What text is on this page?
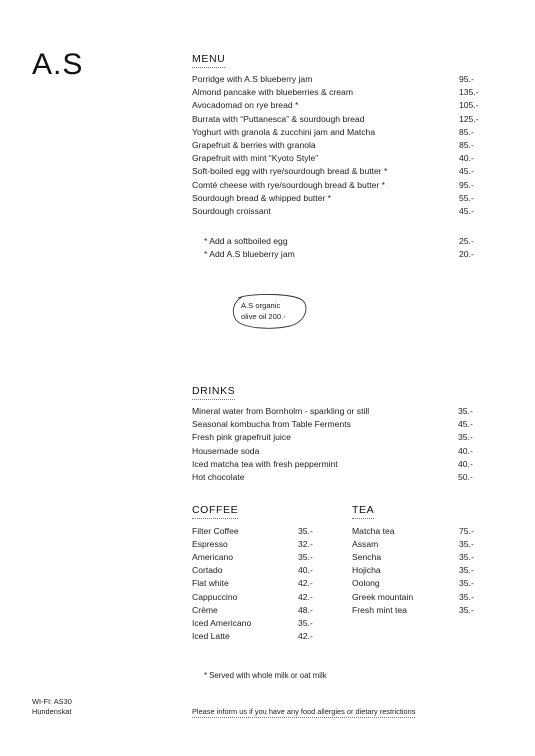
A.S	MENU
Porridge with A.S blueberry jam	95.-
Almond pancake with blueberries & cream	135.-
Avocadomad on rye bread *	105.-
Burrata with “Puttanesca” & sourdough bread	125.-
Yoghurt with granola & zucchini jam and Matcha	85.-
Grapefruit & berries with granola	85.-
Grapefruit with mint “Kyoto Style”	40.-
Soft-boiled egg with rye/sourdough bread & butter *	45.-
Comté cheese with rye/sourdough bread & butter *	95.-
Sourdough bread & whipped butter *	55.-
Sourdough croissant	45.-
* Add a softboiled egg	25.-
* Add A.S blueberry jam	20.-
A.S organic
olive oil 200.-
DRINKS
Mineral water from Bornholm - sparkling or still	35.-
Seasonal kombucha from Table Ferments	45.-
Fresh pink grapefruit juice	35.-
Housemade soda	40.-
Iced matcha tea with fresh peppermint	40.-
Hot chocolate	50.-
COFFEE
Filter Coffee	35.-
Espresso	32.-
Americano	35.-
Cortado	40.-
Flat white	42.-
Cappuccino	42.-
Crème	48.-
Iced Americano	35.-
Iced Latte	42.-
TEA
Matcha tea	75.-
Assam	35.-
Sencha	35.-
Hojicha	35.-
Oolong	35.-
Greek mountain	35.-
Fresh mint tea	35.-
* Served with whole milk or oat milk
WI-FI: AS30
Hundenskat	Please inform us if you have any food allergies or dietary restrictions
